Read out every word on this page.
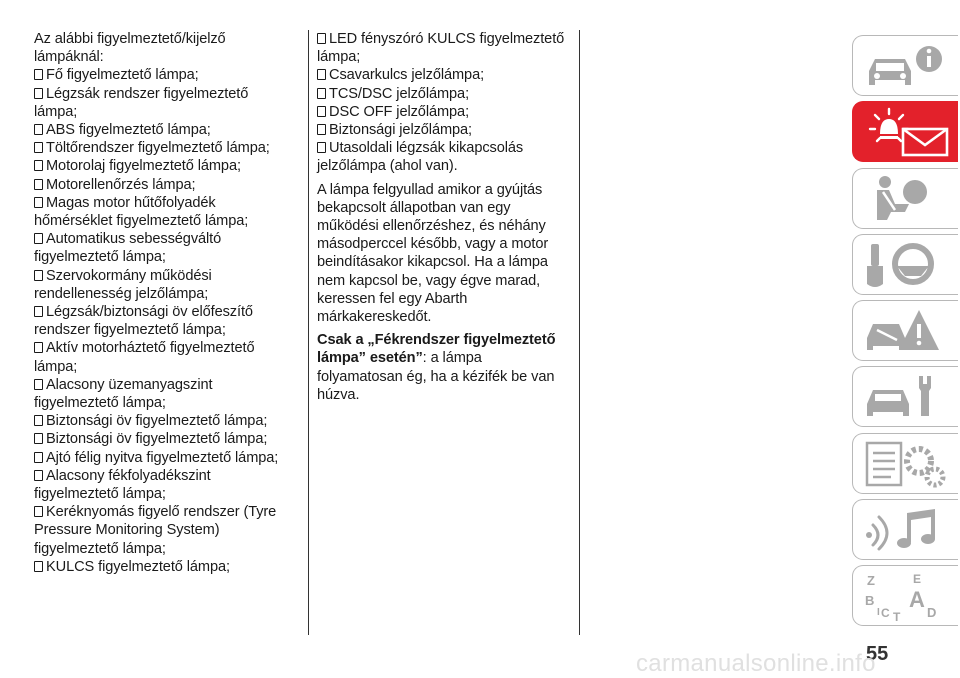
Az alábbi figyelmeztető/kijelző
lámpáknál:
Fő figyelmeztető lámpa;
Légzsák rendszer figyelmeztető
lámpa;
ABS figyelmeztető lámpa;
Töltőrendszer figyelmeztető lámpa;
Motorolaj figyelmeztető lámpa;
Motorellenőrzés lámpa;
Magas motor hűtőfolyadék
hőmérséklet figyelmeztető lámpa;
Automatikus sebességváltó
figyelmeztető lámpa;
Szervokormány működési
rendellenesség jelzőlámpa;
Légzsák/biztonsági öv előfeszítő
rendszer figyelmeztető lámpa;
Aktív motorháztető figyelmeztető
lámpa;
Alacsony üzemanyagszint
figyelmeztető lámpa;
Biztonsági öv figyelmeztető lámpa;
Biztonsági öv figyelmeztető lámpa;
Ajtó félig nyitva figyelmeztető lámpa;
Alacsony fékfolyadékszint
figyelmeztető lámpa;
Keréknyomás figyelő rendszer (Tyre
Pressure Monitoring System)
figyelmeztető lámpa;
KULCS figyelmeztető lámpa;
LED fényszóró KULCS figyelmeztető
lámpa;
Csavarkulcs jelzőlámpa;
TCS/DSC jelzőlámpa;
DSC OFF jelzőlámpa;
Biztonsági jelzőlámpa;
Utasoldali légzsák kikapcsolás
jelzőlámpa (ahol van).
A lámpa felgyullad amikor a gyújtás
bekapcsolt állapotban van egy
működési ellenőrzéshez, és néhány
másodperccel később, vagy a motor
beindításakor kikapcsol. Ha a lámpa
nem kapcsol be, vagy égve marad,
keressen fel egy Abarth
márkakereskedőt.
Csak a „Fékrendszer figyelmeztető
lámpa” esetén”: a lámpa
folyamatosan ég, ha a kézifék be van
húzva.
Z	E
B A
C	D
T
I
55
carmanualsonline.info
